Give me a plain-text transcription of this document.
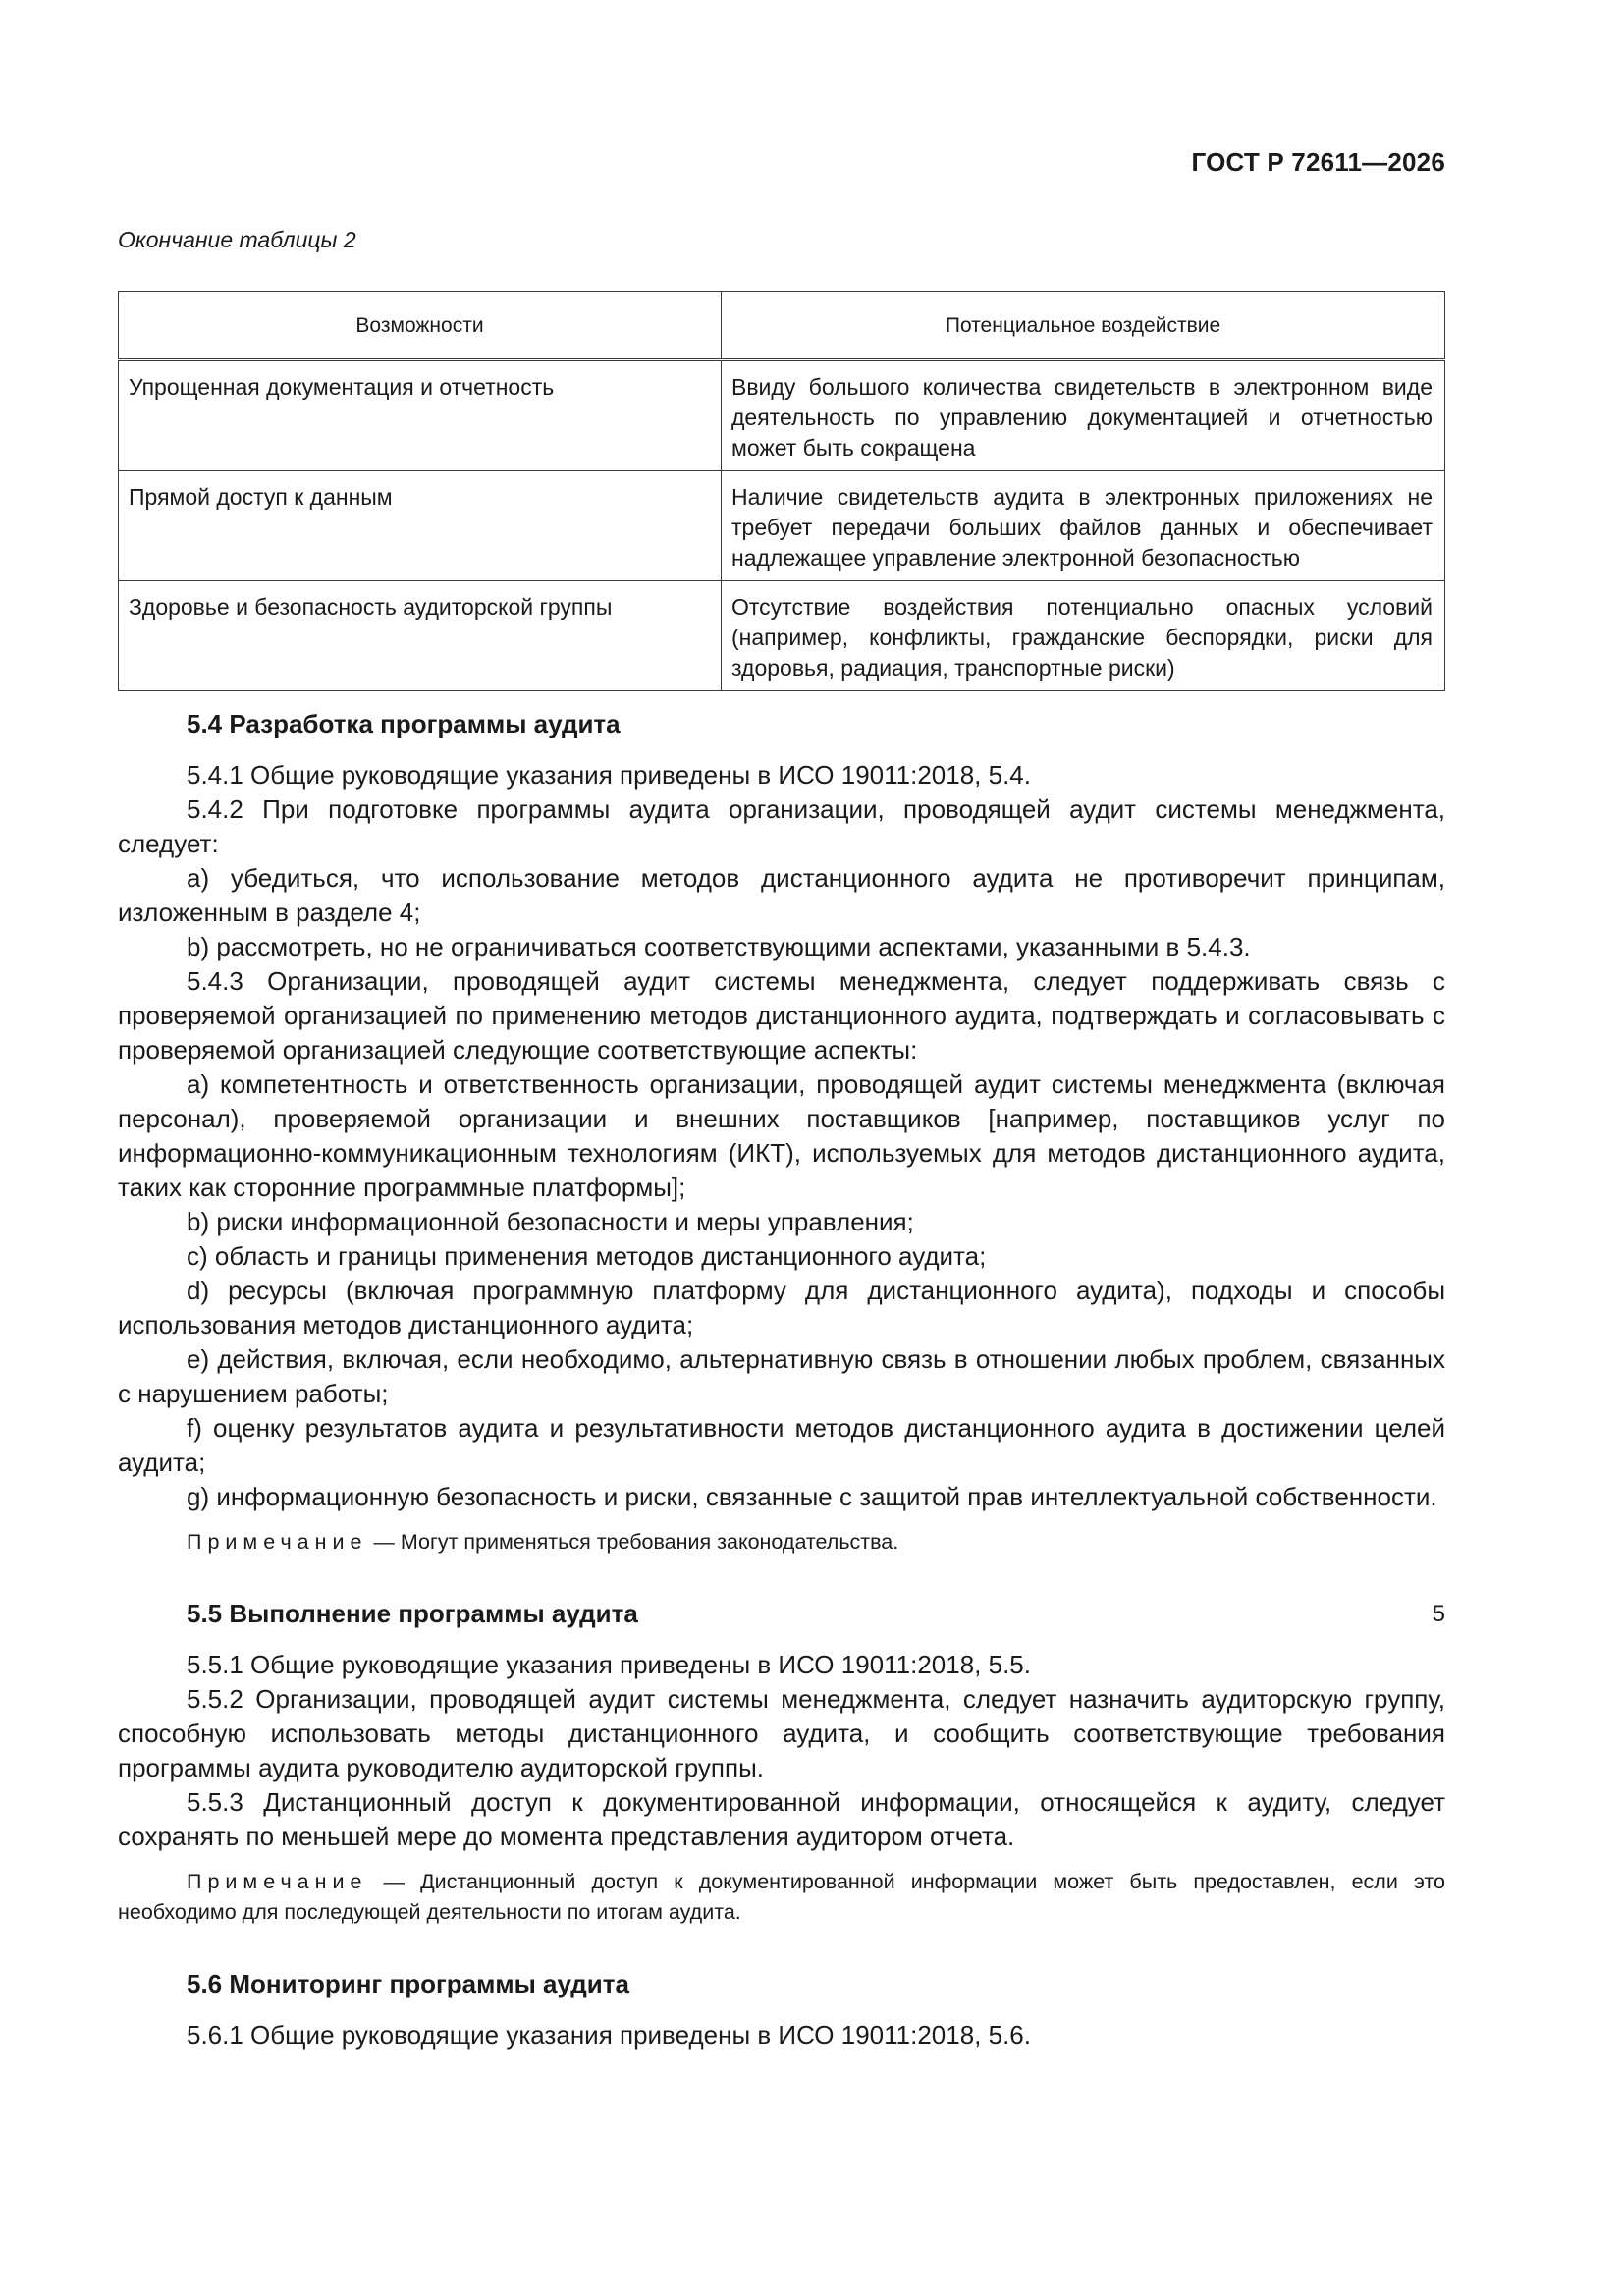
ГОСТ Р 72611—2026
Окончание таблицы 2
Возможности	Потенциальное воздействие
Упрощенная документация и отчетность	Ввиду большого количества свидетельств в электронном виде деятельность по управлению документацией и отчетностью может быть сокращена
Прямой доступ к данным	Наличие свидетельств аудита в электронных приложениях не требует передачи больших файлов данных и обеспечивает надлежащее управление электронной безопасностью
Здоровье и безопасность аудиторской группы	Отсутствие воздействия потенциально опасных условий (например, конфликты, гражданские беспорядки, риски для здоровья, радиация, транспортные риски)
5.4 Разработка программы аудита

5.4.1 Общие руководящие указания приведены в ИСО 19011:2018, 5.4.

5.4.2 При подготовке программы аудита организации, проводящей аудит системы менеджмента, следует:

a) убедиться, что использование методов дистанционного аудита не противоречит принципам, изложенным в разделе 4;

b) рассмотреть, но не ограничиваться соответствующими аспектами, указанными в 5.4.3.

5.4.3 Организации, проводящей аудит системы менеджмента, следует поддерживать связь с проверяемой организацией по применению методов дистанционного аудита, подтверждать и согласовывать с проверяемой организацией следующие соответствующие аспекты:

a) компетентность и ответственность организации, проводящей аудит системы менеджмента (включая персонал), проверяемой организации и внешних поставщиков [например, поставщиков услуг по информационно-коммуникационным технологиям (ИКТ), используемых для методов дистанционного аудита, таких как сторонние программные платформы];

b) риски информационной безопасности и меры управления;

c) область и границы применения методов дистанционного аудита;

d) ресурсы (включая программную платформу для дистанционного аудита), подходы и способы использования методов дистанционного аудита;

e) действия, включая, если необходимо, альтернативную связь в отношении любых проблем, связанных с нарушением работы;

f) оценку результатов аудита и результативности методов дистанционного аудита в достижении целей аудита;

g) информационную безопасность и риски, связанные с защитой прав интеллектуальной собственности.

Примечание — Могут применяться требования законодательства.

5.5 Выполнение программы аудита

5.5.1 Общие руководящие указания приведены в ИСО 19011:2018, 5.5.

5.5.2 Организации, проводящей аудит системы менеджмента, следует назначить аудиторскую группу, способную использовать методы дистанционного аудита, и сообщить соответствующие требования программы аудита руководителю аудиторской группы.

5.5.3 Дистанционный доступ к документированной информации, относящейся к аудиту, следует сохранять по меньшей мере до момента представления аудитором отчета.

Примечание — Дистанционный доступ к документированной информации может быть предоставлен, если это необходимо для последующей деятельности по итогам аудита.

5.6 Мониторинг программы аудита

5.6.1 Общие руководящие указания приведены в ИСО 19011:2018, 5.6.

5
